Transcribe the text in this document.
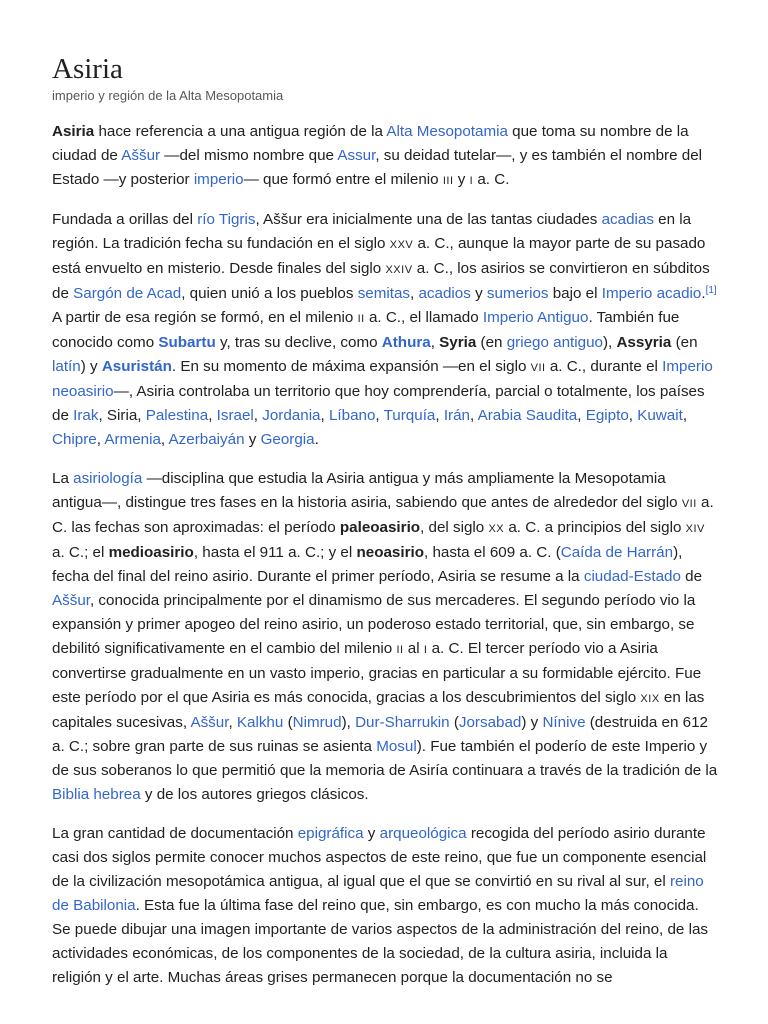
Asiria
imperio y región de la Alta Mesopotamia

Asiria hace referencia a una antigua región de la Alta Mesopotamia que toma su nombre de la ciudad de Aššur —del mismo nombre que Assur, su deidad tutelar—, y es también el nombre del Estado —y posterior imperio— que formó entre el milenio III y I a. C.

Fundada a orillas del río Tigris, Aššur era inicialmente una de las tantas ciudades acadias en la región. La tradición fecha su fundación en el siglo XXV a. C., aunque la mayor parte de su pasado está envuelto en misterio. Desde finales del siglo XXIV a. C., los asirios se convirtieron en súbditos de Sargón de Acad, quien unió a los pueblos semitas, acadios y sumerios bajo el Imperio acadio.[1] A partir de esa región se formó, en el milenio II a. C., el llamado Imperio Antiguo. También fue conocido como Subartu y, tras su declive, como Athura, Syria (en griego antiguo), Assyria (en latín) y Asuristán. En su momento de máxima expansión —en el siglo VII a. C., durante el Imperio neoasirio—, Asiria controlaba un territorio que hoy comprendería, parcial o totalmente, los países de Irak, Siria, Palestina, Israel, Jordania, Líbano, Turquía, Irán, Arabia Saudita, Egipto, Kuwait, Chipre, Armenia, Azerbaiyán y Georgia.

La asiriología —disciplina que estudia la Asiria antigua y más ampliamente la Mesopotamia antigua—, distingue tres fases en la historia asiria, sabiendo que antes de alrededor del siglo VII a. C. las fechas son aproximadas: el período paleoasirio, del siglo XX a. C. a principios del siglo XIV a. C.; el medioasirio, hasta el 911 a. C.; y el neoasirio, hasta el 609 a. C. (Caída de Harrán), fecha del final del reino asirio. Durante el primer período, Asiria se resume a la ciudad-Estado de Aššur, conocida principalmente por el dinamismo de sus mercaderes. El segundo período vio la expansión y primer apogeo del reino asirio, un poderoso estado territorial, que, sin embargo, se debilitó significativamente en el cambio del milenio II al I a. C. El tercer período vio a Asiria convertirse gradualmente en un vasto imperio, gracias en particular a su formidable ejército. Fue este período por el que Asiria es más conocida, gracias a los descubrimientos del siglo XIX en las capitales sucesivas, Aššur, Kalkhu (Nimrud), Dur-Sharrukin (Jorsabad) y Nínive (destruida en 612 a. C.; sobre gran parte de sus ruinas se asienta Mosul). Fue también el poderío de este Imperio y de sus soberanos lo que permitió que la memoria de Asiría continuara a través de la tradición de la Biblia hebrea y de los autores griegos clásicos.

La gran cantidad de documentación epigráfica y arqueológica recogida del período asirio durante casi dos siglos permite conocer muchos aspectos de este reino, que fue un componente esencial de la civilización mesopotámica antigua, al igual que el que se convirtió en su rival al sur, el reino de Babilonia. Esta fue la última fase del reino que, sin embargo, es con mucho la más conocida. Se puede dibujar una imagen importante de varios aspectos de la administración del reino, de las actividades económicas, de los componentes de la sociedad, de la cultura asiria, incluida la religión y el arte. Muchas áreas grises permanecen porque la documentación no se
